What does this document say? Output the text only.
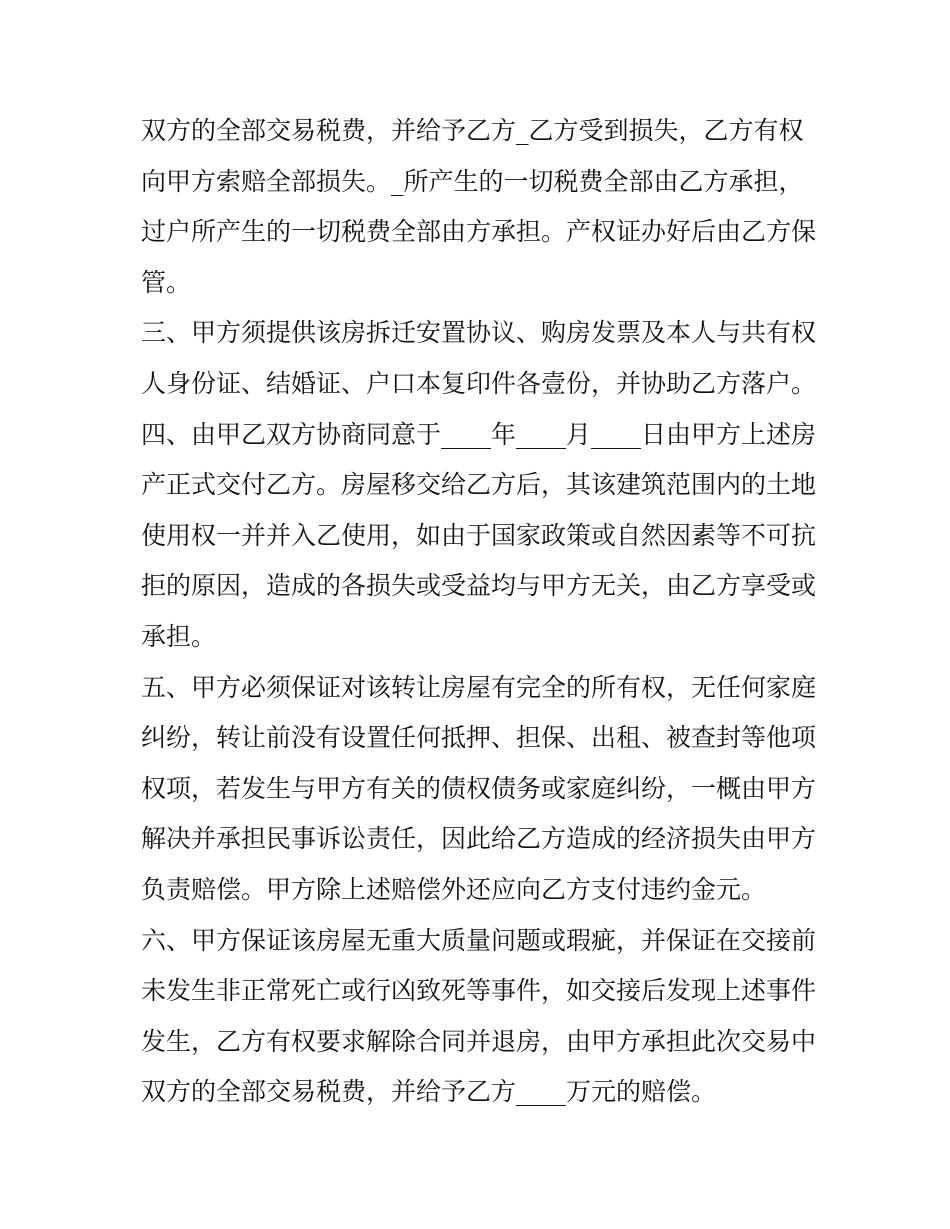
双方的全部交易税费，并给予乙方_乙方受到损失，乙方有权
向甲方索赔全部损失。_所产生的一切税费全部由乙方承担，
过户所产生的一切税费全部由方承担。产权证办好后由乙方保
管。
三、甲方须提供该房拆迁安置协议、购房发票及本人与共有权
人身份证、结婚证、户口本复印件各壹份，并协助乙方落户。
四、由甲乙双方协商同意于____年____月____日由甲方上述房
产正式交付乙方。房屋移交给乙方后，其该建筑范围内的土地
使用权一并并入乙使用，如由于国家政策或自然因素等不可抗
拒的原因，造成的各损失或受益均与甲方无关，由乙方享受或
承担。
五、甲方必须保证对该转让房屋有完全的所有权，无任何家庭
纠纷，转让前没有设置任何抵押、担保、出租、被查封等他项
权项，若发生与甲方有关的债权债务或家庭纠纷，一概由甲方
解决并承担民事诉讼责任，因此给乙方造成的经济损失由甲方
负责赔偿。甲方除上述赔偿外还应向乙方支付违约金元。
六、甲方保证该房屋无重大质量问题或瑕疵，并保证在交接前
未发生非正常死亡或行凶致死等事件，如交接后发现上述事件
发生，乙方有权要求解除合同并退房，由甲方承担此次交易中
双方的全部交易税费，并给予乙方____万元的赔偿。
